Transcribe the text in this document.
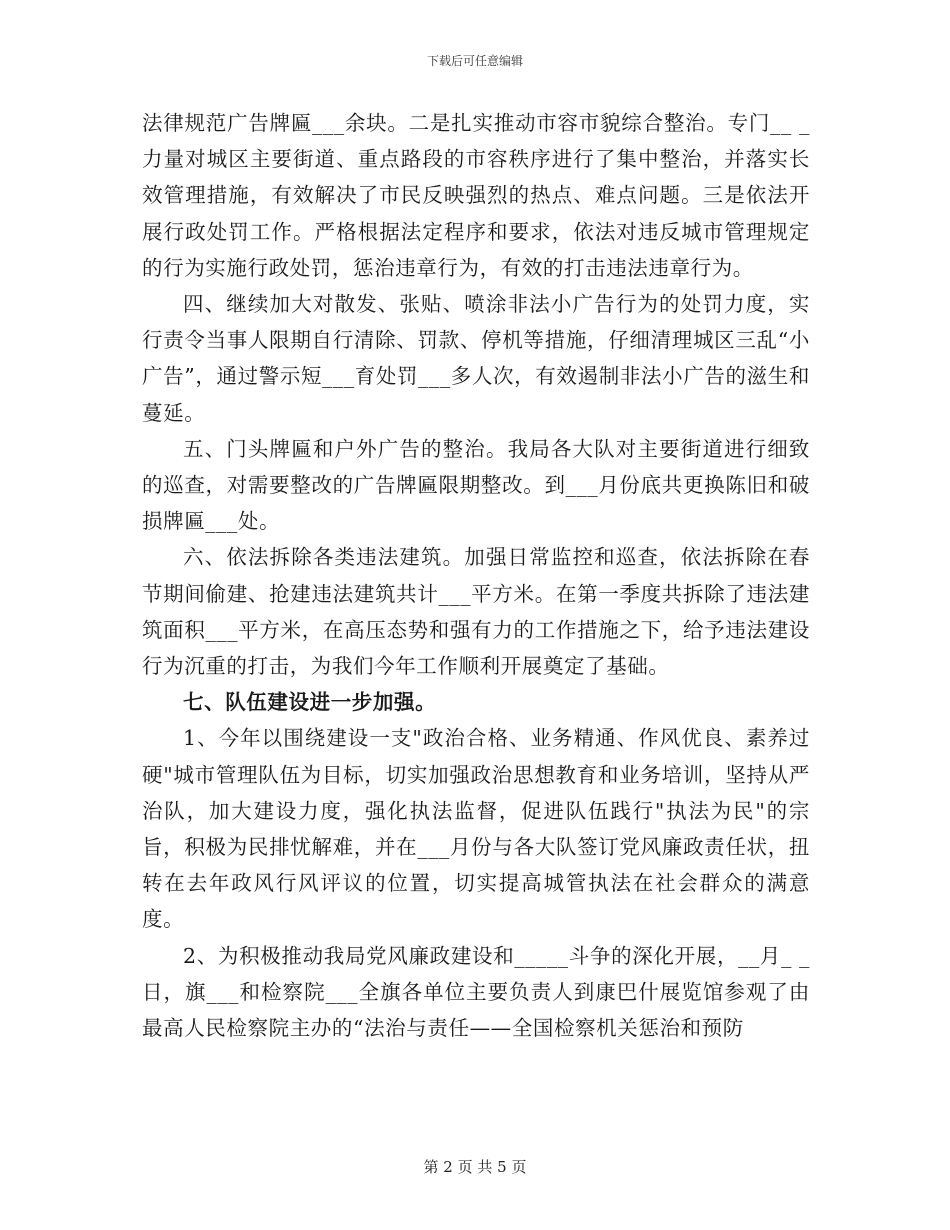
下载后可任意编辑

法律规范广告牌匾___余块。二是扎实推动市容市貌综合整治。专门__ _力量对城区主要街道、重点路段的市容秩序进行了集中整治，并落实长效管理措施，有效解决了市民反映强烈的热点、难点问题。三是依法开展行政处罚工作。严格根据法定程序和要求，依法对违反城市管理规定的行为实施行政处罚，惩治违章行为，有效的打击违法违章行为。

四、继续加大对散发、张贴、喷涂非法小广告行为的处罚力度，实行责令当事人限期自行清除、罚款、停机等措施，仔细清理城区三乱“小广告”，通过警示短___育处罚___多人次，有效遏制非法小广告的滋生和蔓延。

五、门头牌匾和户外广告的整治。我局各大队对主要街道进行细致的巡查，对需要整改的广告牌匾限期整改。到___月份底共更换陈旧和破损牌匾___处。

六、依法拆除各类违法建筑。加强日常监控和巡查，依法拆除在春节期间偷建、抢建违法建筑共计___平方米。在第一季度共拆除了违法建筑面积___平方米，在高压态势和强有力的工作措施之下，给予违法建设行为沉重的打击，为我们今年工作顺利开展奠定了基础。

七、队伍建设进一步加强。

1、今年以围绕建设一支"政治合格、业务精通、作风优良、素养过硬"城市管理队伍为目标，切实加强政治思想教育和业务培训，坚持从严治队，加大建设力度，强化执法监督，促进队伍践行"执法为民"的宗旨，积极为民排忧解难，并在___月份与各大队签订党风廉政责任状，扭转在去年政风行风评议的位置，切实提高城管执法在社会群众的满意度。

2、为积极推动我局党风廉政建设和_____斗争的深化开展，__月_ _日，旗___和检察院___全旗各单位主要负责人到康巴什展览馆参观了由最高人民检察院主办的“法治与责任——全国检察机关惩治和预防

第 2 页 共 5 页
